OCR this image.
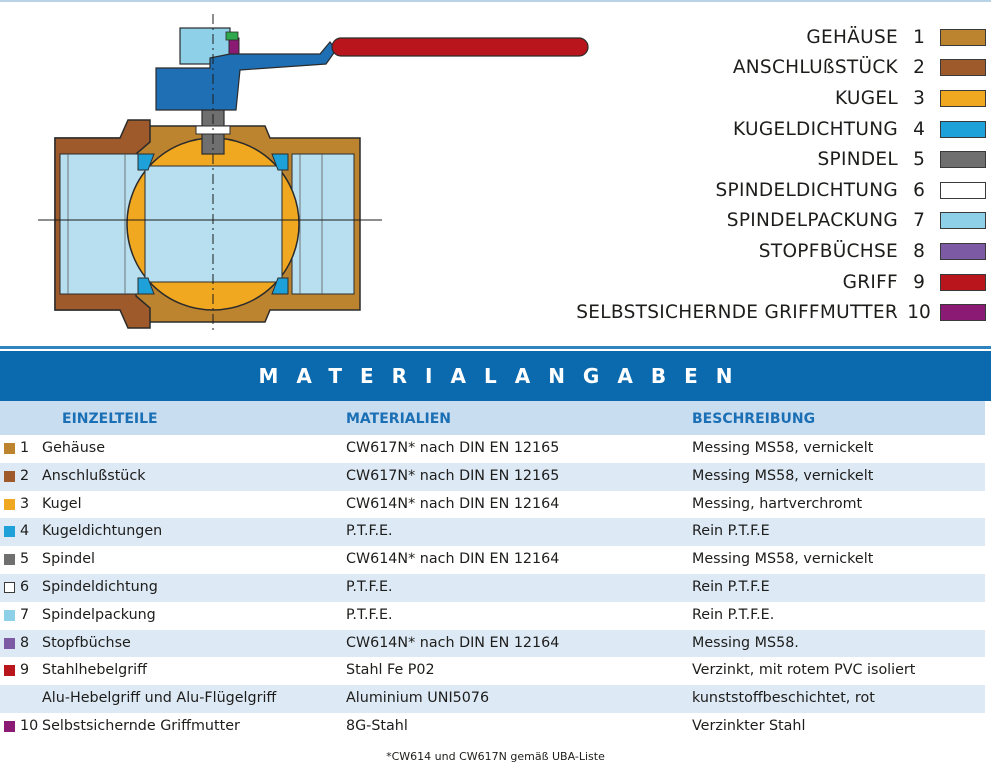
GEHÄUSE 1
ANSCHLUßSTÜCK 2
KUGEL 3
KUGELDICHTUNG 4
SPINDEL 5
SPINDELDICHTUNG 6
SPINDELPACKUNG 7
STOPFBÜCHSE 8
GRIFF 9
SELBSTSICHERNDE GRIFFMUTTER 10
MATERIALANGABEN
EINZELTEILE	MATERIALIEN	BESCHREIBUNG
1 Gehäuse	CW617N* nach DIN EN 12165	Messing MS58, vernickelt
2 Anschlußstück	CW617N* nach DIN EN 12165	Messing MS58, vernickelt
3 Kugel	CW614N* nach DIN EN 12164	Messing, hartverchromt
4 Kugeldichtungen	P.T.F.E.	Rein P.T.F.E
5 Spindel	CW614N* nach DIN EN 12164	Messing MS58, vernickelt
6 Spindeldichtung	P.T.F.E.	Rein P.T.F.E
7 Spindelpackung	P.T.F.E.	Rein P.T.F.E.
8 Stopfbüchse	CW614N* nach DIN EN 12164	Messing MS58.
9 Stahlhebelgriff	Stahl Fe P02	Verzinkt, mit rotem PVC isoliert
Alu-Hebelgriff und Alu-Flügelgriff	Aluminium UNI5076	kunststoffbeschichtet, rot
10 Selbstsichernde Griffmutter	8G-Stahl	Verzinkter Stahl
*CW614 und CW617N gemäß UBA-Liste
